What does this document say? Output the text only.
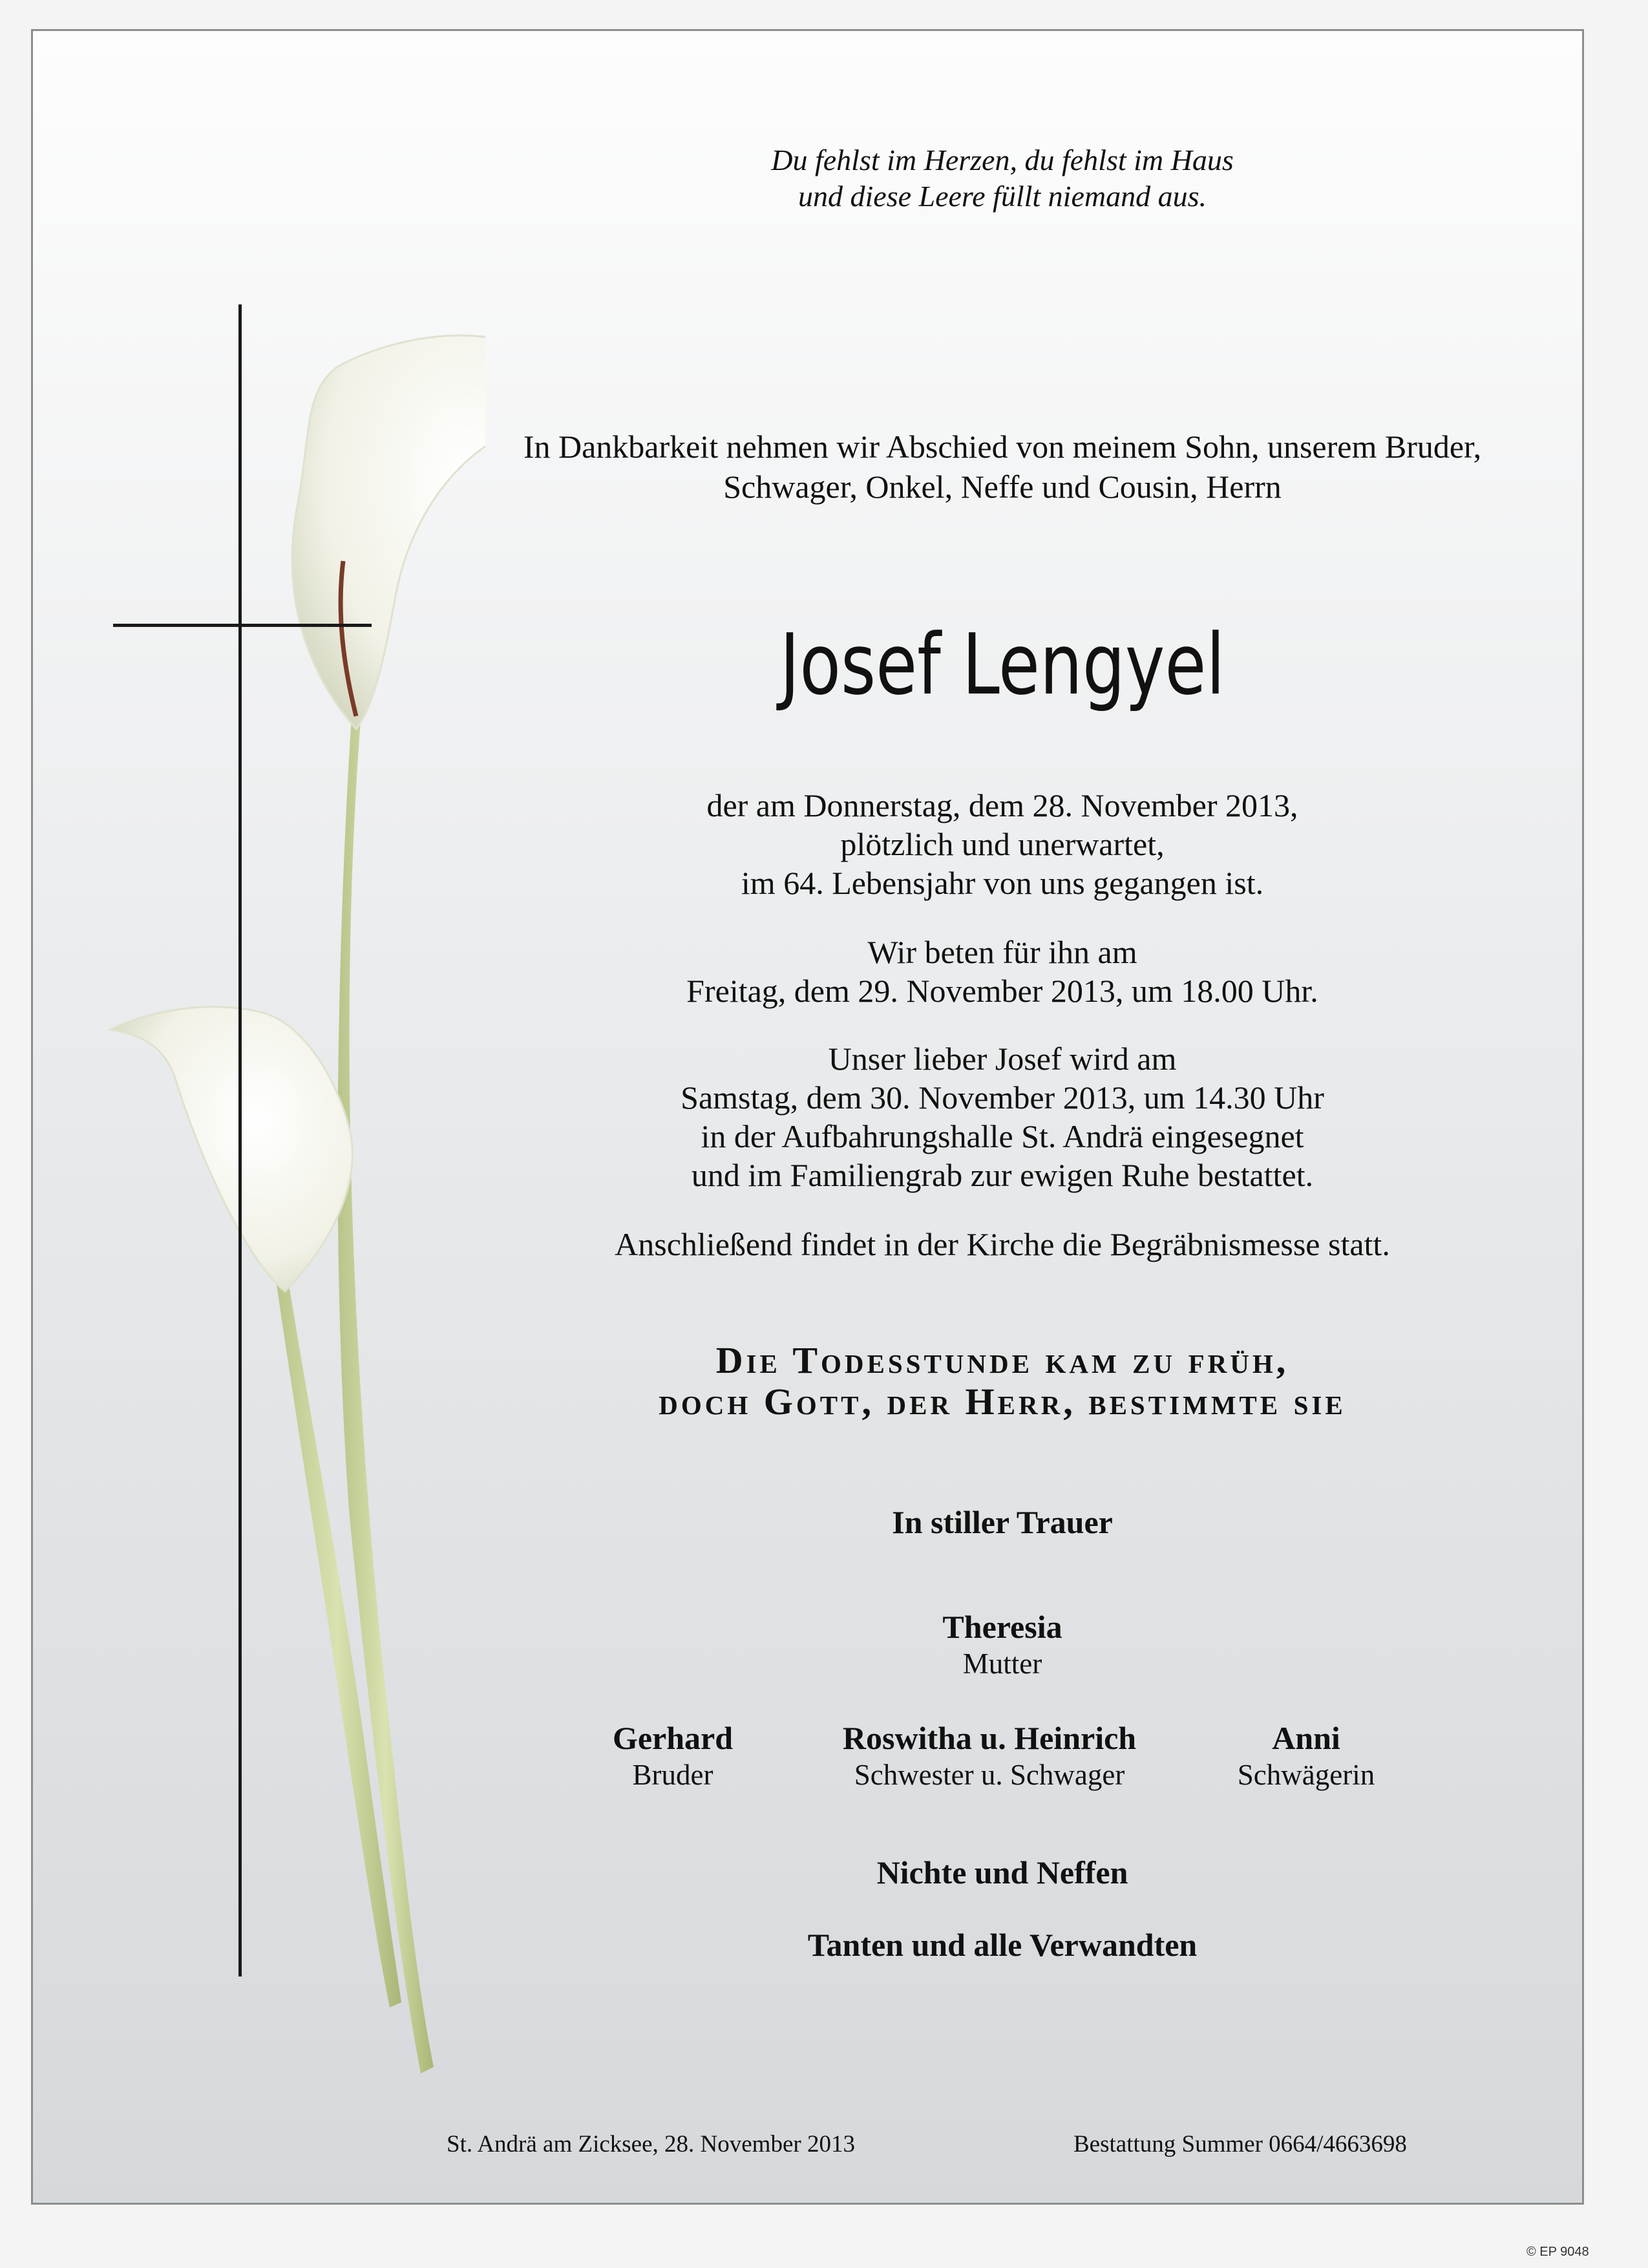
Du fehlst im Herzen, du fehlst im Haus
und diese Leere füllt niemand aus.
In Dankbarkeit nehmen wir Abschied von meinem Sohn, unserem Bruder,
Schwager, Onkel, Neffe und Cousin, Herrn
Josef Lengyel
der am Donnerstag, dem 28. November 2013,
plötzlich und unerwartet,
im 64. Lebensjahr von uns gegangen ist.
Wir beten für ihn am
Freitag, dem 29. November 2013, um 18.00 Uhr.
Unser lieber Josef wird am
Samstag, dem 30. November 2013, um 14.30 Uhr
in der Aufbahrungshalle St. Andrä eingesegnet
und im Familiengrab zur ewigen Ruhe bestattet.
Anschließend findet in der Kirche die Begräbnismesse statt.
Die Todesstunde kam zu früh,
doch Gott, der Herr, bestimmte sie
In stiller Trauer
Theresia
Mutter
Gerhard
Bruder
Roswitha u. Heinrich
Schwester u. Schwager
Anni
Schwägerin
Nichte und Neffen
Tanten und alle Verwandten
St. Andrä am Zicksee, 28. November 2013	Bestattung Summer 0664/4663698
© EP 9048
